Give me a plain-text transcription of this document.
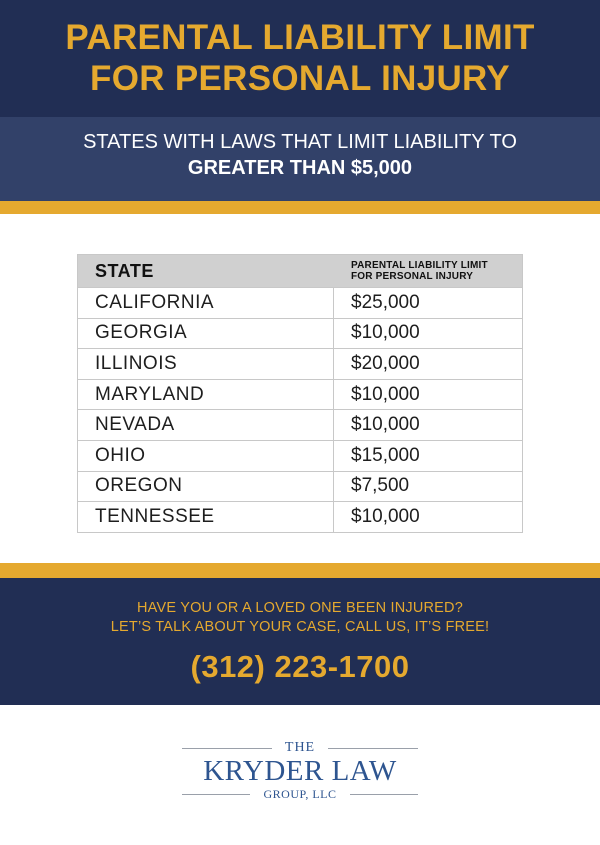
PARENTAL LIABILITY LIMIT
FOR PERSONAL INJURY
STATES WITH LAWS THAT LIMIT LIABILITY TO
GREATER THAN $5,000
STATE	PARENTAL LIABILITY LIMIT
FOR PERSONAL INJURY
CALIFORNIA	$25,000
GEORGIA	$10,000
ILLINOIS	$20,000
MARYLAND	$10,000
NEVADA	$10,000
OHIO	$15,000
OREGON	$7,500
TENNESSEE	$10,000
HAVE YOU OR A LOVED ONE BEEN INJURED?
LET’S TALK ABOUT YOUR CASE, CALL US, IT’S FREE!
(312) 223-1700
THE
KRYDER LAW
GROUP, LLC
